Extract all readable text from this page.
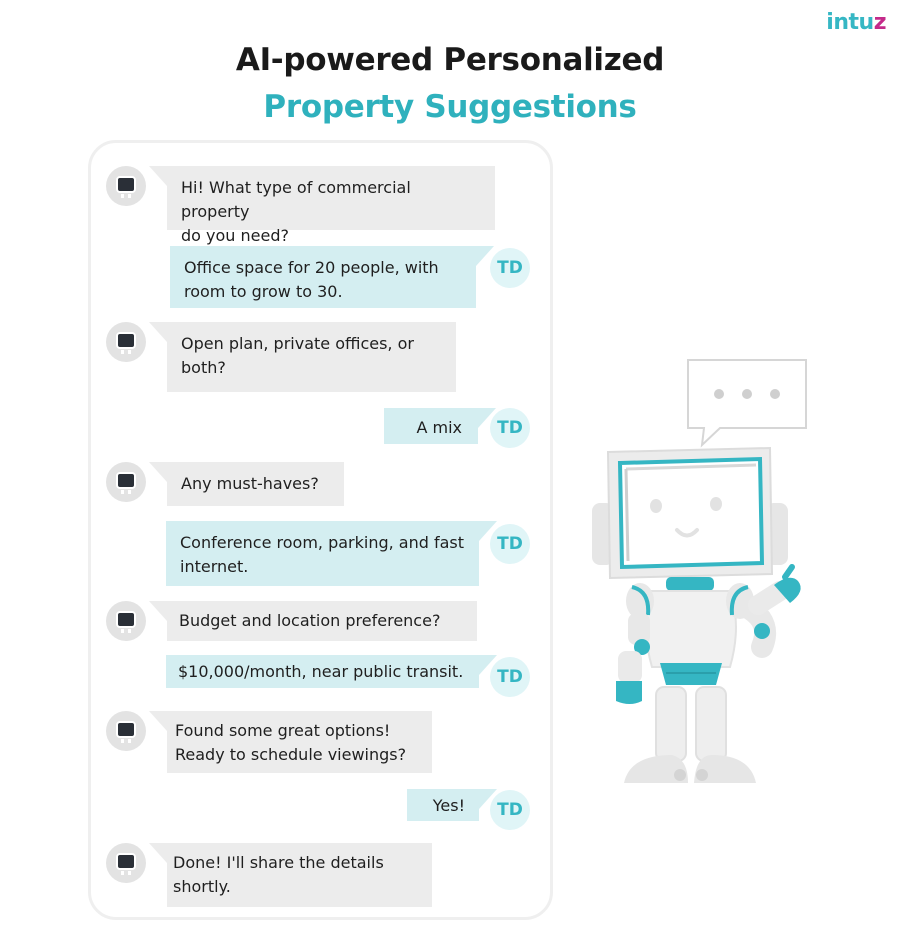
intuz
AI-powered Personalized
Property Suggestions
Hi! What type of commercial property
do you need?
Office space for 20 people, with
room to grow to 30.
TD
Open plan, private offices, or
both?
A mix	TD
Any must-haves?
Conference room, parking, and fast
internet.
TD
Budget and location preference?
$10,000/month, near public transit.	TD
Found some great options!
Ready to schedule viewings?
Yes!	TD
Done! I'll share the details
shortly.
